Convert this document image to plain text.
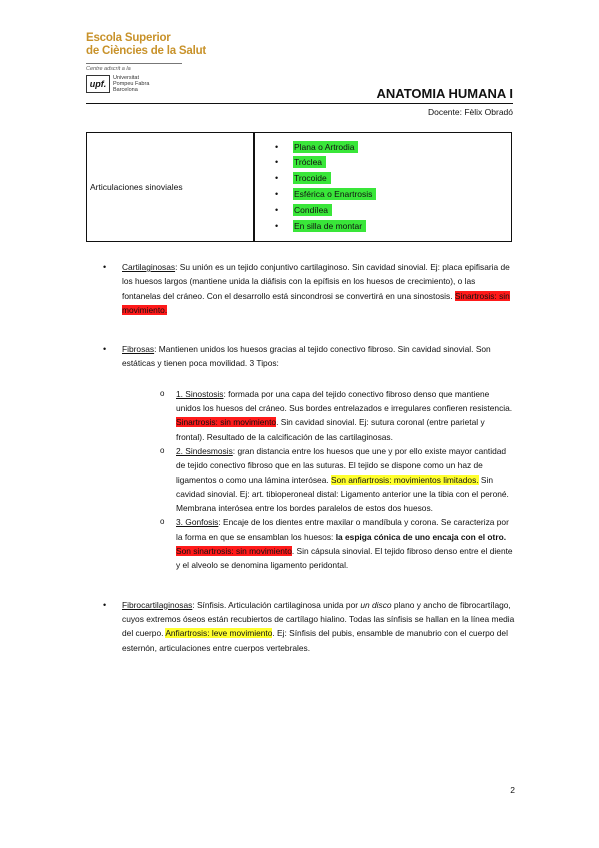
Escola Superior
de Ciències de la Salut
Centre adscrit a la
upf.
Universitat
Pompeu Fabra
Barcelona	ANATOMIA HUMANA I
Docente: Fèlix Obradó
Articulaciones sinoviales	
• Plana o Artrodia
• Tróclea
• Trocoide
• Esférica o Enartrosis
• Condílea
• En silla de montar
• Cartilaginosas: Su unión es un tejido conjuntivo cartilaginoso. Sin cavidad sinovial. Ej: placa epifisaria de los huesos largos (mantiene unida la diáfisis con la epífisis en los huesos de crecimiento), o las fontanelas del cráneo. Con el desarrollo está sincondrosi se convertirá en una sinostosis. Sinartrosis: sin movimiento.
• Fibrosas: Mantienen unidos los huesos gracias al tejido conectivo fibroso. Sin cavidad sinovial. Son estáticas y tienen poca movilidad. 3 Tipos:
o 1. Sinostosis: formada por una capa del tejido conectivo fibroso denso que mantiene unidos los huesos del cráneo. Sus bordes entrelazados e irregulares confieren resistencia. Sinartrosis: sin movimiento. Sin cavidad sinovial. Ej: sutura coronal (entre parietal y frontal). Resultado de la calcificación de las cartilaginosas.
o 2. Sindesmosis: gran distancia entre los huesos que une y por ello existe mayor cantidad de tejido conectivo fibroso que en las suturas. El tejido se dispone como un haz de ligamentos o como una lámina interósea. Son anfiartrosis: movimientos limitados. Sin cavidad sinovial. Ej: art. tibioperoneal distal: Ligamento anterior une la tibia con el peroné. Membrana interósea entre los bordes paralelos de estos dos huesos.
o 3. Gonfosis: Encaje de los dientes entre maxilar o mandíbula y corona. Se caracteriza por la forma en que se ensamblan los huesos: la espiga cónica de uno encaja con el otro. Son sinartrosis: sin movimiento. Sin cápsula sinovial. El tejido fibroso denso entre el diente y el alveolo se denomina ligamento peridontal.
• Fibrocartilaginosas: Sínfisis. Articulación cartilaginosa unida por un disco plano y ancho de fibrocartílago, cuyos extremos óseos están recubiertos de cartílago hialino. Todas las sínfisis se hallan en la línea media del cuerpo. Anfiartrosis: leve movimiento. Ej: Sínfisis del pubis, ensamble de manubrio con el cuerpo del esternón, articulaciones entre cuerpos vertebrales.
2
